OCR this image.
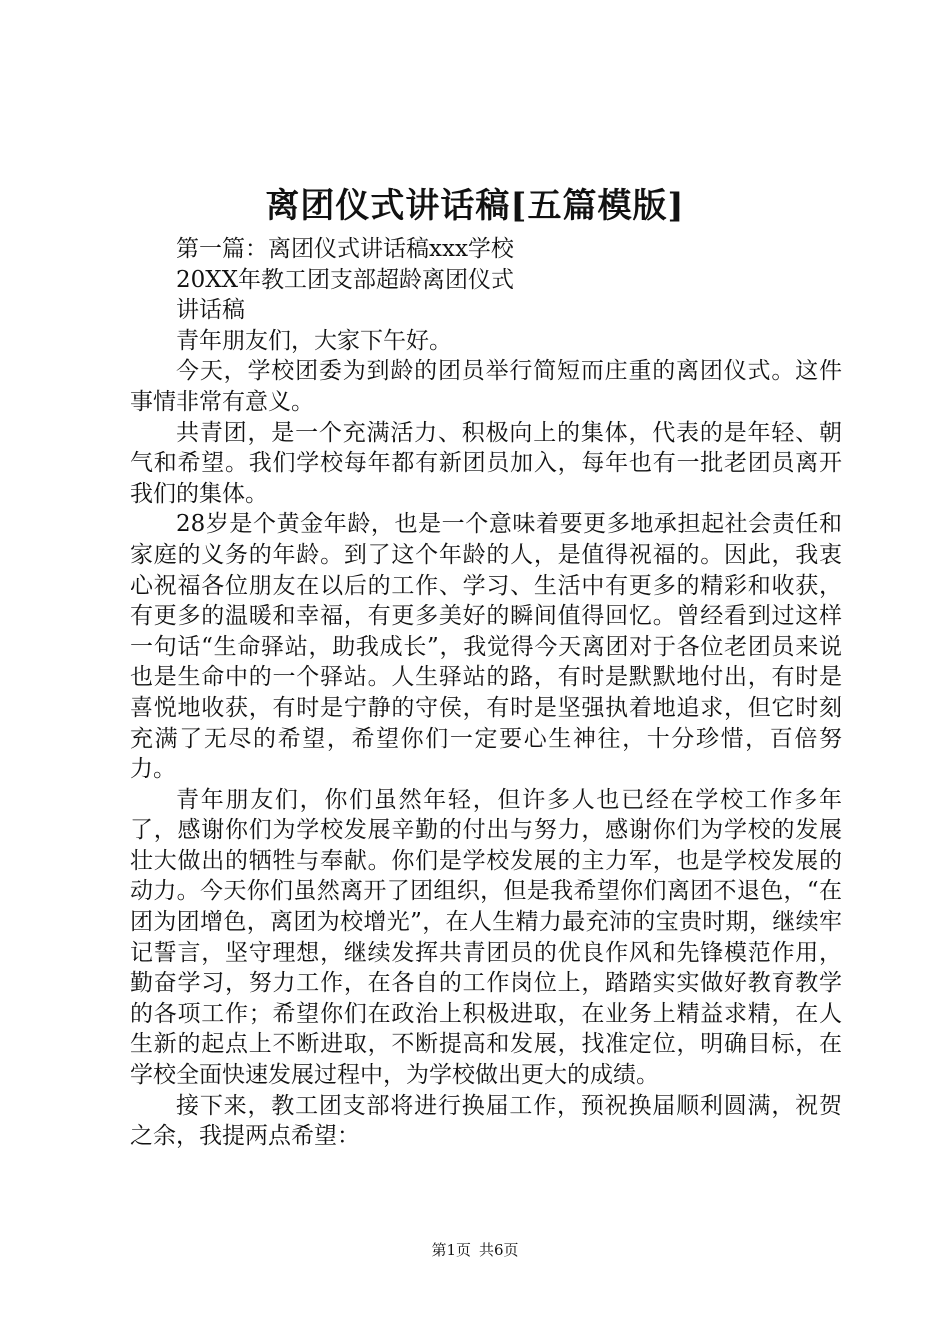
离团仪式讲话稿[五篇模版]

第一篇：离团仪式讲话稿xxx学校

20XX年教工团支部超龄离团仪式

讲话稿

青年朋友们，大家下午好。

今天，学校团委为到龄的团员举行简短而庄重的离团仪式。这件事情非常有意义。

共青团，是一个充满活力、积极向上的集体，代表的是年轻、朝气和希望。我们学校每年都有新团员加入，每年也有一批老团员离开我们的集体。

28岁是个黄金年龄，也是一个意味着要更多地承担起社会责任和家庭的义务的年龄。到了这个年龄的人，是值得祝福的。因此，我衷心祝福各位朋友在以后的工作、学习、生活中有更多的精彩和收获，有更多的温暖和幸福，有更多美好的瞬间值得回忆。曾经看到过这样一句话“生命驿站，助我成长”，我觉得今天离团对于各位老团员来说也是生命中的一个驿站。人生驿站的路，有时是默默地付出，有时是喜悦地收获，有时是宁静的守侯，有时是坚强执着地追求，但它时刻充满了无尽的希望，希望你们一定要心生神往，十分珍惜，百倍努力。

青年朋友们，你们虽然年轻，但许多人也已经在学校工作多年了，感谢你们为学校发展辛勤的付出与努力，感谢你们为学校的发展壮大做出的牺牲与奉献。你们是学校发展的主力军，也是学校发展的动力。今天你们虽然离开了团组织，但是我希望你们离团不退色，“在团为团增色，离团为校增光”，在人生精力最充沛的宝贵时期，继续牢记誓言，坚守理想，继续发挥共青团员的优良作风和先锋模范作用，勤奋学习，努力工作，在各自的工作岗位上，踏踏实实做好教育教学的各项工作；希望你们在政治上积极进取，在业务上精益求精，在人生新的起点上不断进取，不断提高和发展，找准定位，明确目标，在学校全面快速发展过程中，为学校做出更大的成绩。

接下来，教工团支部将进行换届工作，预祝换届顺利圆满，祝贺之余，我提两点希望：

第1页 共6页
